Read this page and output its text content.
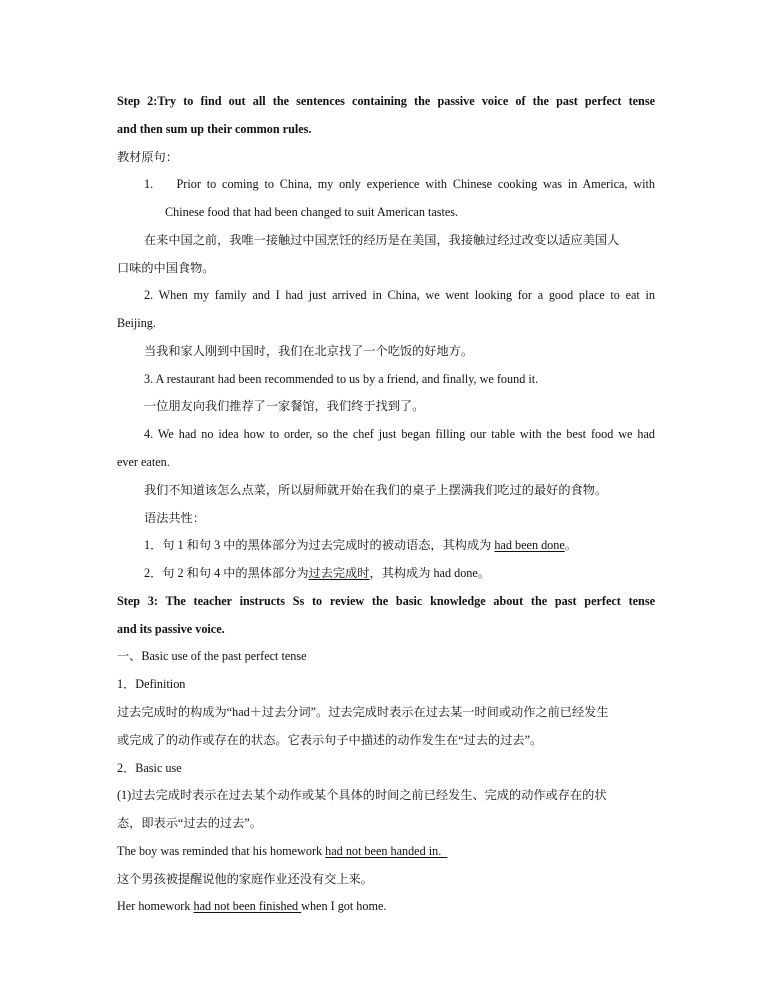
Step 2:Try to find out all the sentences containing the passive voice of the past perfect tense
and then sum up their common rules.
教材原句：
1.    Prior to coming to China, my only experience with Chinese cooking was in America, with
Chinese food that had been changed to suit American tastes.
在来中国之前，我唯一接触过中国烹饪的经历是在美国，我接触过经过改变以适应美国人
口味的中国食物。
2. When my family and I had just arrived in China, we went looking for a good place to eat in
Beijing.
当我和家人刚到中国时，我们在北京找了一个吃饭的好地方。
3. A restaurant had been recommended to us by a friend, and finally, we found it.
一位朋友向我们推荐了一家餐馆，我们终于找到了。
4. We had no idea how to order, so the chef just began filling our table with the best food we had
ever eaten.
我们不知道该怎么点菜，所以厨师就开始在我们的桌子上摆满我们吃过的最好的食物。
语法共性：
1．句 1 和句 3 中的黑体部分为过去完成时的被动语态，其构成为 had been done。
2．句 2 和句 4 中的黑体部分为过去完成时，其构成为 had done。
Step 3: The teacher instructs Ss to review the basic knowledge about the past perfect tense
and its passive voice.
一、Basic use of the past perfect tense
1．Definition
过去完成时的构成为“had＋过去分词”。过去完成时表示在过去某一时间或动作之前已经发生
或完成了的动作或存在的状态。它表示句子中描述的动作发生在“过去的过去”。
2．Basic use
(1)过去完成时表示在过去某个动作或某个具体的时间之前已经发生、完成的动作或存在的状
态，即表示“过去的过去”。
The boy was reminded that his homework had not been handed in.
这个男孩被提醒说他的家庭作业还没有交上来。
Her homework had not been finished when I got home.
